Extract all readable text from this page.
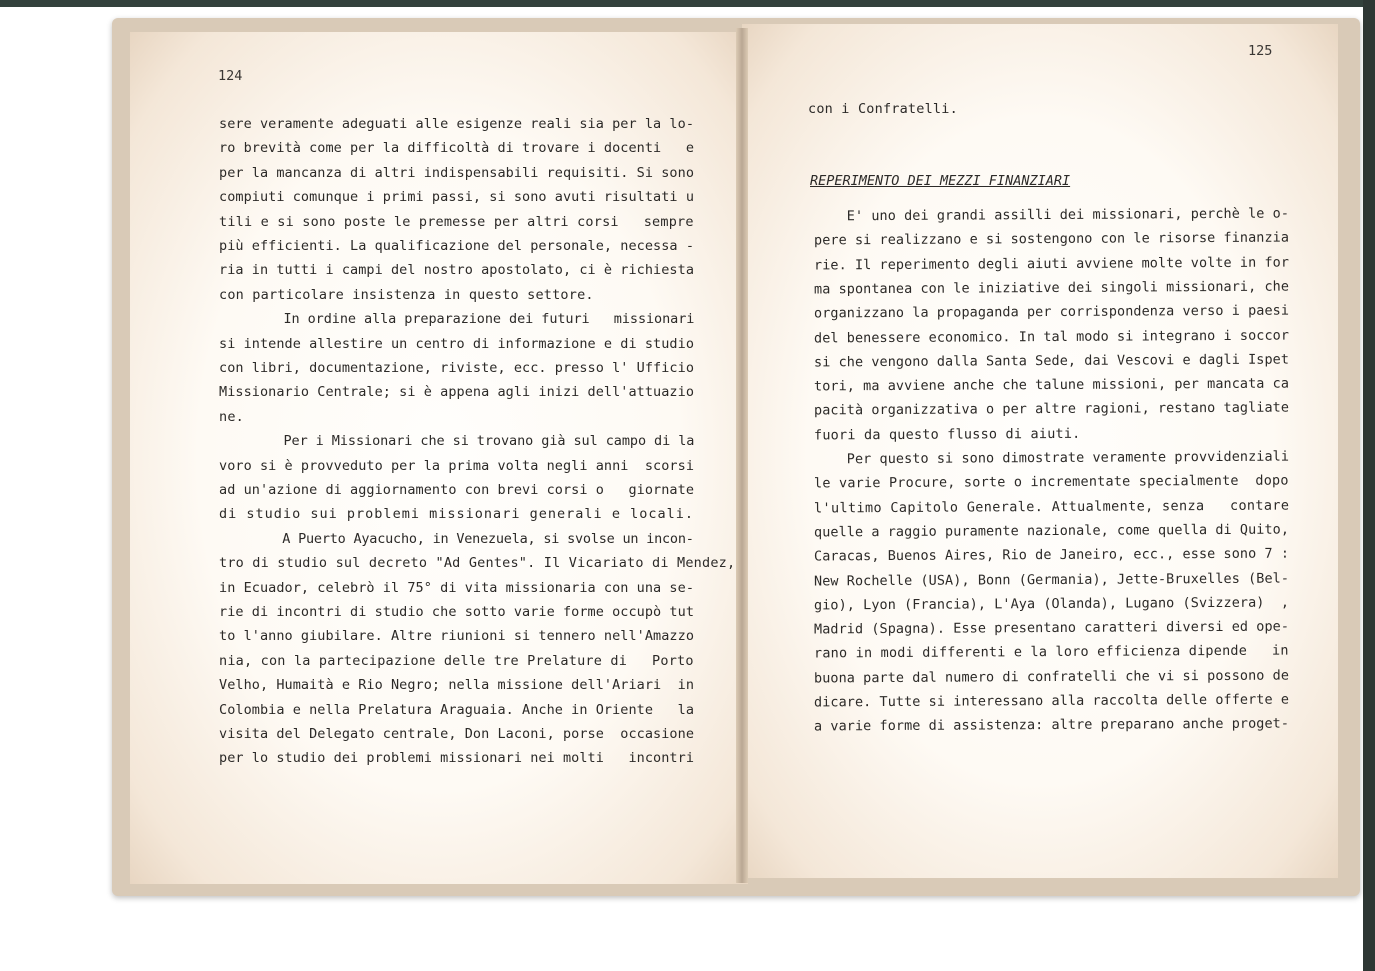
124
sere veramente adeguati alle esigenze reali sia per la lo-
ro brevità come per la difficoltà di trovare i docenti   e
per la mancanza di altri indispensabili requisiti. Si sono
compiuti comunque i primi passi, si sono avuti risultati u
tili e si sono poste le premesse per altri corsi   sempre
più efficienti. La qualificazione del personale, necessa -
ria in tutti i campi del nostro apostolato, ci è richiesta
con particolare insistenza in questo settore.
In ordine alla preparazione dei futuri   missionari
si intende allestire un centro di informazione e di studio
con libri, documentazione, riviste, ecc. presso l' Ufficio
Missionario Centrale; si è appena agli inizi dell'attuazio
ne.
Per i Missionari che si trovano già sul campo di la
voro si è provveduto per la prima volta negli anni  scorsi
ad un'azione di aggiornamento con brevi corsi o   giornate
di studio sui problemi missionari generali e locali.
A Puerto Ayacucho, in Venezuela, si svolse un incon-
tro di studio sul decreto "Ad Gentes". Il Vicariato di Mendez,
in Ecuador, celebrò il 75° di vita missionaria con una se-
rie di incontri di studio che sotto varie forme occupò tut
to l'anno giubilare. Altre riunioni si tennero nell'Amazzo
nia, con la partecipazione delle tre Prelature di   Porto
Velho, Humaità e Rio Negro; nella missione dell'Ariari  in
Colombia e nella Prelatura Araguaia. Anche in Oriente   la
visita del Delegato centrale, Don Laconi, porse  occasione
per lo studio dei problemi missionari nei molti   incontri
125
con i Confratelli.
REPERIMENTO DEI MEZZI FINANZIARI
E' uno dei grandi assilli dei missionari, perchè le o-
pere si realizzano e si sostengono con le risorse finanzia
rie. Il reperimento degli aiuti avviene molte volte in for
ma spontanea con le iniziative dei singoli missionari, che
organizzano la propaganda per corrispondenza verso i paesi
del benessere economico. In tal modo si integrano i soccor
si che vengono dalla Santa Sede, dai Vescovi e dagli Ispet
tori, ma avviene anche che talune missioni, per mancata ca
pacità organizzativa o per altre ragioni, restano tagliate
fuori da questo flusso di aiuti.
Per questo si sono dimostrate veramente provvidenziali
le varie Procure, sorte o incrementate specialmente  dopo
l'ultimo Capitolo Generale. Attualmente, senza   contare
quelle a raggio puramente nazionale, come quella di Quito,
Caracas, Buenos Aires, Rio de Janeiro, ecc., esse sono 7 :
New Rochelle (USA), Bonn (Germania), Jette-Bruxelles (Bel-
gio), Lyon (Francia), L'Aya (Olanda), Lugano (Svizzera)  ,
Madrid (Spagna). Esse presentano caratteri diversi ed ope-
rano in modi differenti e la loro efficienza dipende   in
buona parte dal numero di confratelli che vi si possono de
dicare. Tutte si interessano alla raccolta delle offerte e
a varie forme di assistenza: altre preparano anche proget-
